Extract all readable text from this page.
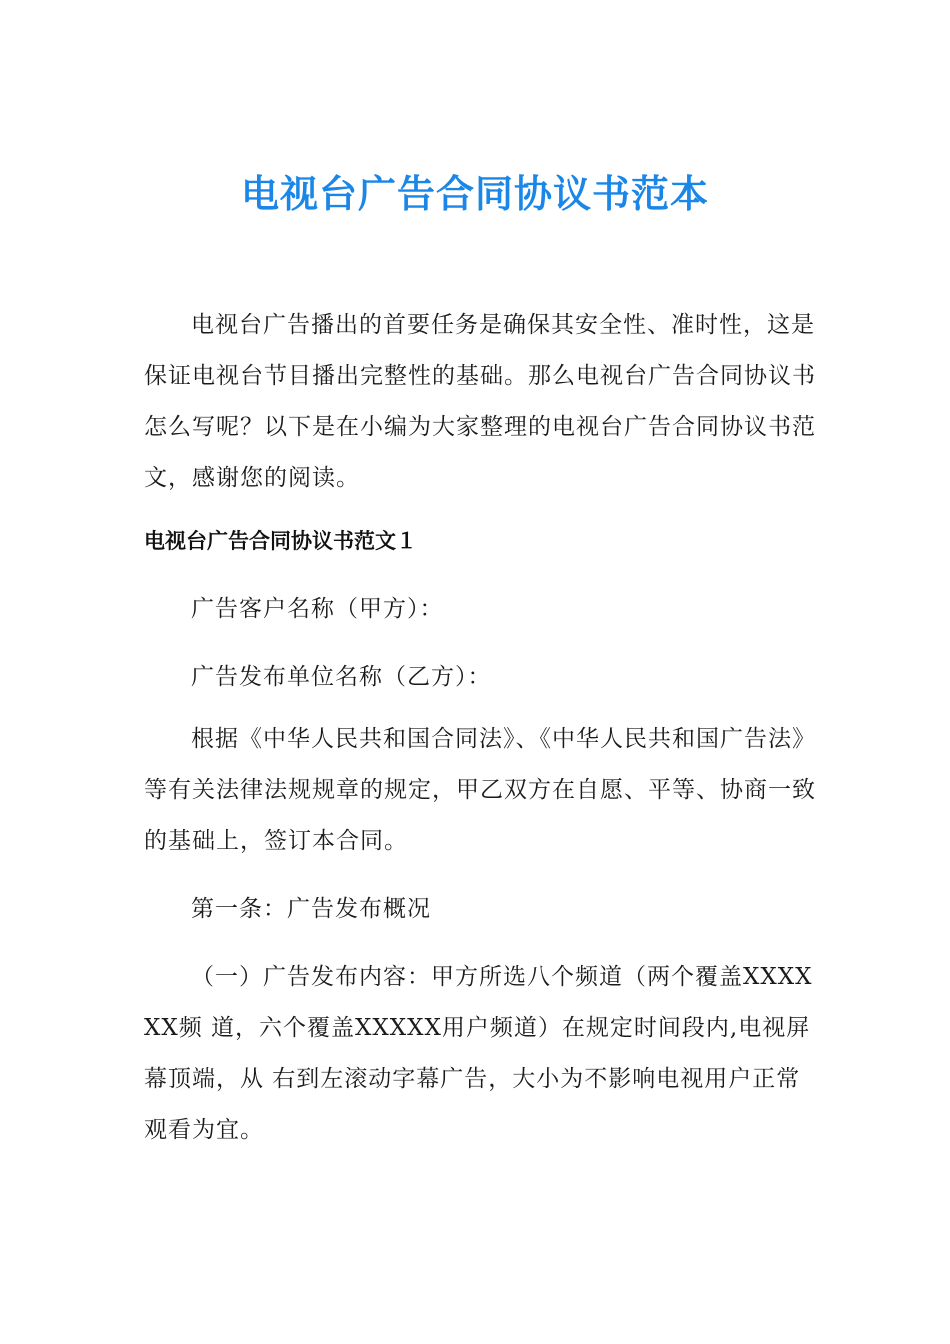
电视台广告合同协议书范本

电视台广告播出的首要任务是确保其安全性、准时性，这是保证电视台节目播出完整性的基础。那么电视台广告合同协议书怎么写呢？以下是在小编为大家整理的电视台广告合同协议书范文，感谢您的阅读。

电视台广告合同协议书范文１

广告客户名称（甲方）：

广告发布单位名称（乙方）：

根据《中华人民共和国合同法》、《中华人民共和国广告法》 等有关法律法规规章的规定，甲乙双方在自愿、平等、协商一致 的基础上，签订本合同。

第一条：广告发布概况

（一）广告发布内容：甲方所选八个频道（两个覆盖XXXXXX频 道，六个覆盖XXXXX用户频道）在规定时间段内,电视屏幕顶端，从 右到左滚动字幕广告，大小为不影响电视用户正常观看为宜。
